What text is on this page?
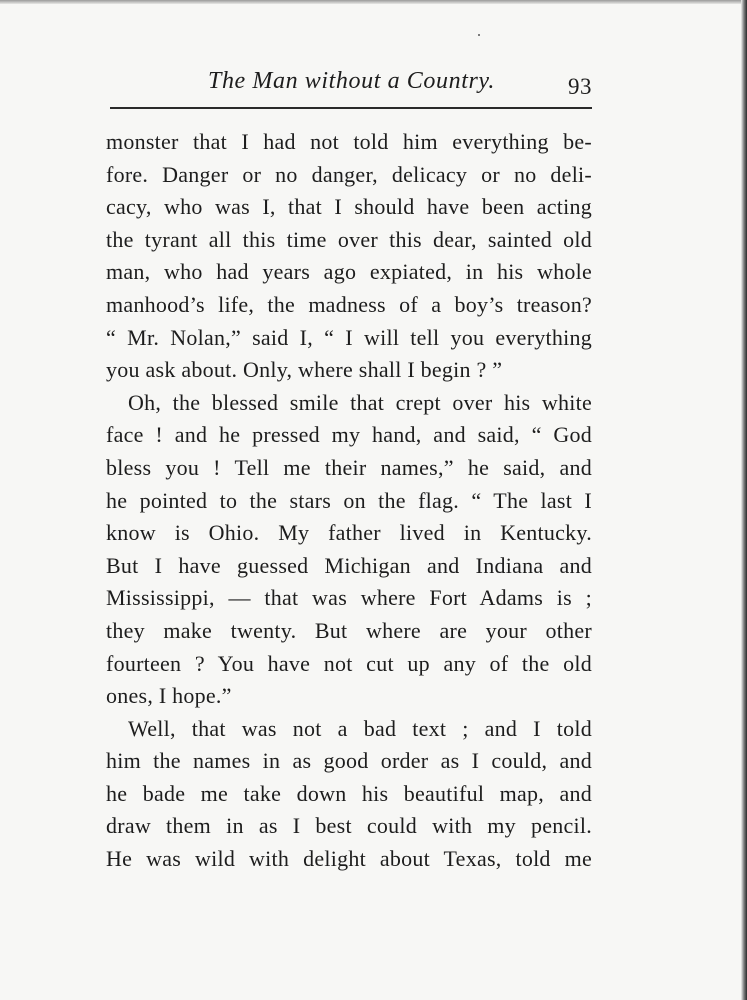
The Man without a Country.	93
monster that I had not told him everything be-
fore. Danger or no danger, delicacy or no deli-
cacy, who was I, that I should have been acting
the tyrant all this time over this dear, sainted old
man, who had years ago expiated, in his whole
manhood’s life, the madness of a boy’s treason?
“ Mr. Nolan,” said I, “ I will tell you everything
you ask about. Only, where shall I begin ? ”
Oh, the blessed smile that crept over his white
face ! and he pressed my hand, and said, “ God
bless you ! Tell me their names,” he said, and
he pointed to the stars on the flag. “ The last I
know is Ohio. My father lived in Kentucky.
But I have guessed Michigan and Indiana and
Mississippi, — that was where Fort Adams is ;
they make twenty. But where are your other
fourteen ? You have not cut up any of the old
ones, I hope.”
Well, that was not a bad text ; and I told
him the names in as good order as I could, and
he bade me take down his beautiful map, and
draw them in as I best could with my pencil.
He was wild with delight about Texas, told me
